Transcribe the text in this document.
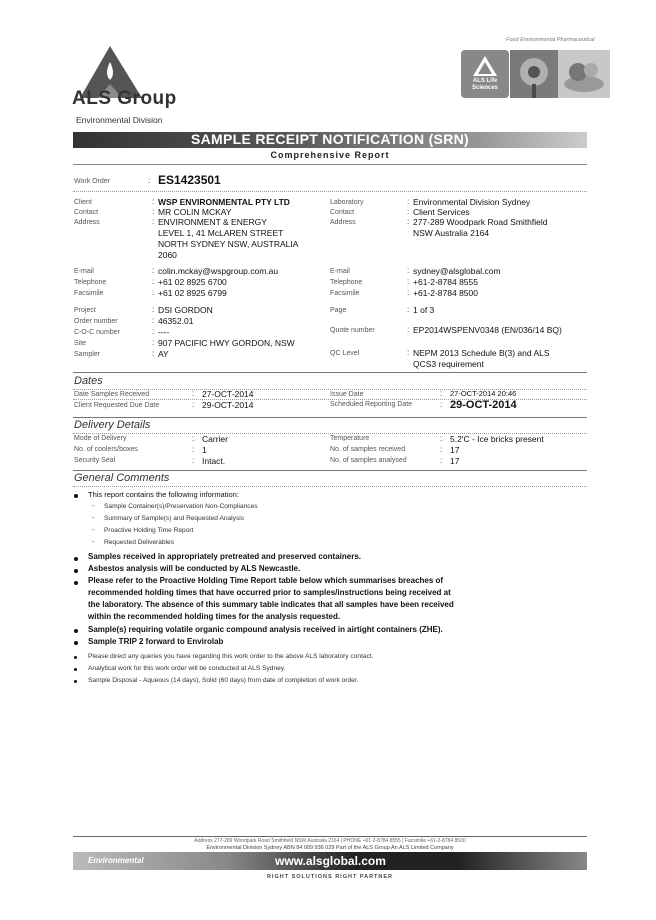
ALS Group
Environmental Division
Food Environmental Pharmaceutical
ALS Life Sciences
SAMPLE RECEIPT NOTIFICATION (SRN)
Comprehensive Report
Work Order	: ES1423501
Client	: WSP ENVIRONMENTAL PTY LTD
Contact	: MR COLIN MCKAY
Address	: ENVIRONMENT & ENERGY
LEVEL 1, 41 McLAREN STREET
NORTH SYDNEY NSW, AUSTRALIA
2060
E-mail	: colin.mckay@wspgroup.com.au
Telephone	: +61 02 8925 6700
Facsimile	: +61 02 8925 6799
Project	: DSI GORDON
Order number	: 46352.01
C-O-C number	: ----
Site	: 907 PACIFIC HWY GORDON, NSW
Sampler	: AY
Laboratory	: Environmental Division Sydney
Contact	: Client Services
Address	: 277-289 Woodpark Road Smithfield
NSW Australia 2164
E-mail	: sydney@alsglobal.com
Telephone	: +61-2-8784 8555
Facsimile	: +61-2-8784 8500
Page	: 1 of 3
Quote number	: EP2014WSPENV0348 (EN/036/14 BQ)
QC Level	: NEPM 2013 Schedule B(3) and ALS
QCS3 requirement
Dates
Date Samples Received	: 27-OCT-2014	Issue Date	: 27-OCT-2014 20:46
Client Requested Due Date	: 29-OCT-2014	Scheduled Reporting Date	: 29-OCT-2014
Delivery Details
Mode of Delivery	: Carrier	Temperature	: 5.2'C - Ice bricks present
No. of coolers/boxes	: 1	No. of samples received	: 17
Security Seal	: Intact.	No. of samples analysed	: 17
General Comments
This report contains the following information:
- Sample Container(s)/Preservation Non-Compliances
- Summary of Sample(s) and Requested Analysis
- Proactive Holding Time Report
- Requested Deliverables
Samples received in appropriately pretreated and preserved containers.
Asbestos analysis will be conducted by ALS Newcastle.
Please refer to the Proactive Holding Time Report table below which summarises breaches of
recommended holding times that have occurred prior to samples/instructions being received at
the laboratory. The absence of this summary table indicates that all samples have been received
within the recommended holding times for the analysis requested.
Sample(s) requiring volatile organic compound analysis received in airtight containers (ZHE).
Sample TRIP 2 forward to Envirolab
Please direct any queries you have regarding this work order to the above ALS laboratory contact.
Analytical work for this work order will be conducted at ALS Sydney.
Sample Disposal - Aqueous (14 days), Solid (60 days) from date of completion of work order.
Address 277-289 Woodpark Road Smithfield NSW Australia 2164 | PHONE +61-2-8784 8555 | Facsimile +61-2-8784 8500
Environmental Division Sydney ABN 84 009 936 029 Part of the ALS Group An ALS Limited Company
Environmental	www.alsglobal.com
RIGHT SOLUTIONS RIGHT PARTNER
